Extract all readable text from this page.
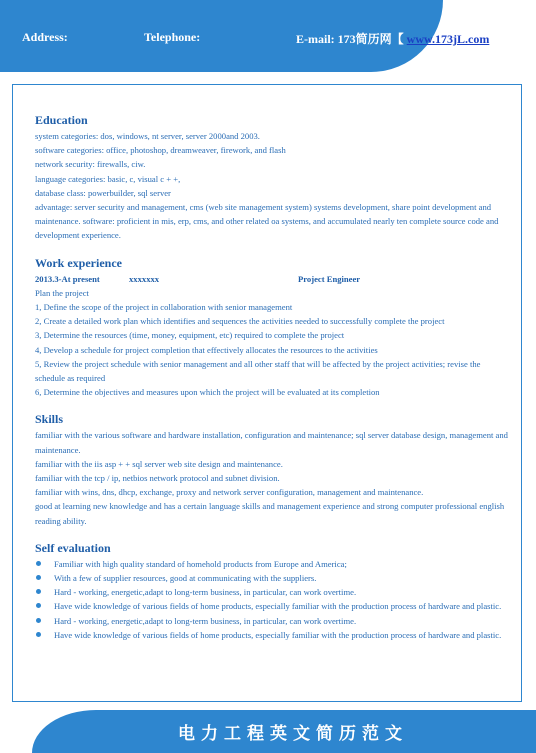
Address:	Telephone:	E-mail: 173简历网【 www.173jL.com
Education

system categories: dos, windows, nt server, server 2000and 2003.

software categories: office, photoshop, dreamweaver, firework, and flash

network security: firewalls, ciw.

language categories: basic, c, visual c + +,

database class: powerbuilder, sql server

advantage: server security and management, cms (web site management system) systems development, share point development and maintenance. software: proficient in mis, erp, cms, and other related oa systems, and accumulated nearly ten complete source code and development experience.

Work experience
2013.3-At present	xxxxxxx	Project Engineer

Plan the project

1, Define the scope of the project in collaboration with senior management

2, Create a detailed work plan which identifies and sequences the activities needed to successfully complete the project

3, Determine the resources (time, money, equipment, etc) required to complete the project

4, Develop a schedule for project completion that effectively allocates the resources to the activities

5, Review the project schedule with senior management and all other staff that will be affected by the project activities; revise the schedule as required

6, Determine the objectives and measures upon which the project will be evaluated at its completion

Skills

familiar with the various software and hardware installation, configuration and maintenance; sql server database design, management and maintenance.

familiar with the iis asp + + sql server web site design and maintenance.

familiar with the tcp / ip, netbios network protocol and subnet division.

familiar with wins, dns, dhcp, exchange, proxy and network server configuration, management and maintenance.

good at learning new knowledge and has a certain language skills and management experience and strong computer professional english reading ability.

Self evaluation
Familiar with high quality standard of homehold products from Europe and America;
With a few of supplier resources, good at communicating with the suppliers.
Hard - working, energetic,adapt to long-term business, in particular, can work overtime.
Have wide knowledge of various fields of home products, especially familiar with the production process of hardware and plastic.
Hard - working, energetic,adapt to long-term business, in particular, can work overtime.
Have wide knowledge of various fields of home products, especially familiar with the production process of hardware and plastic.
电力工程英文简历范文
